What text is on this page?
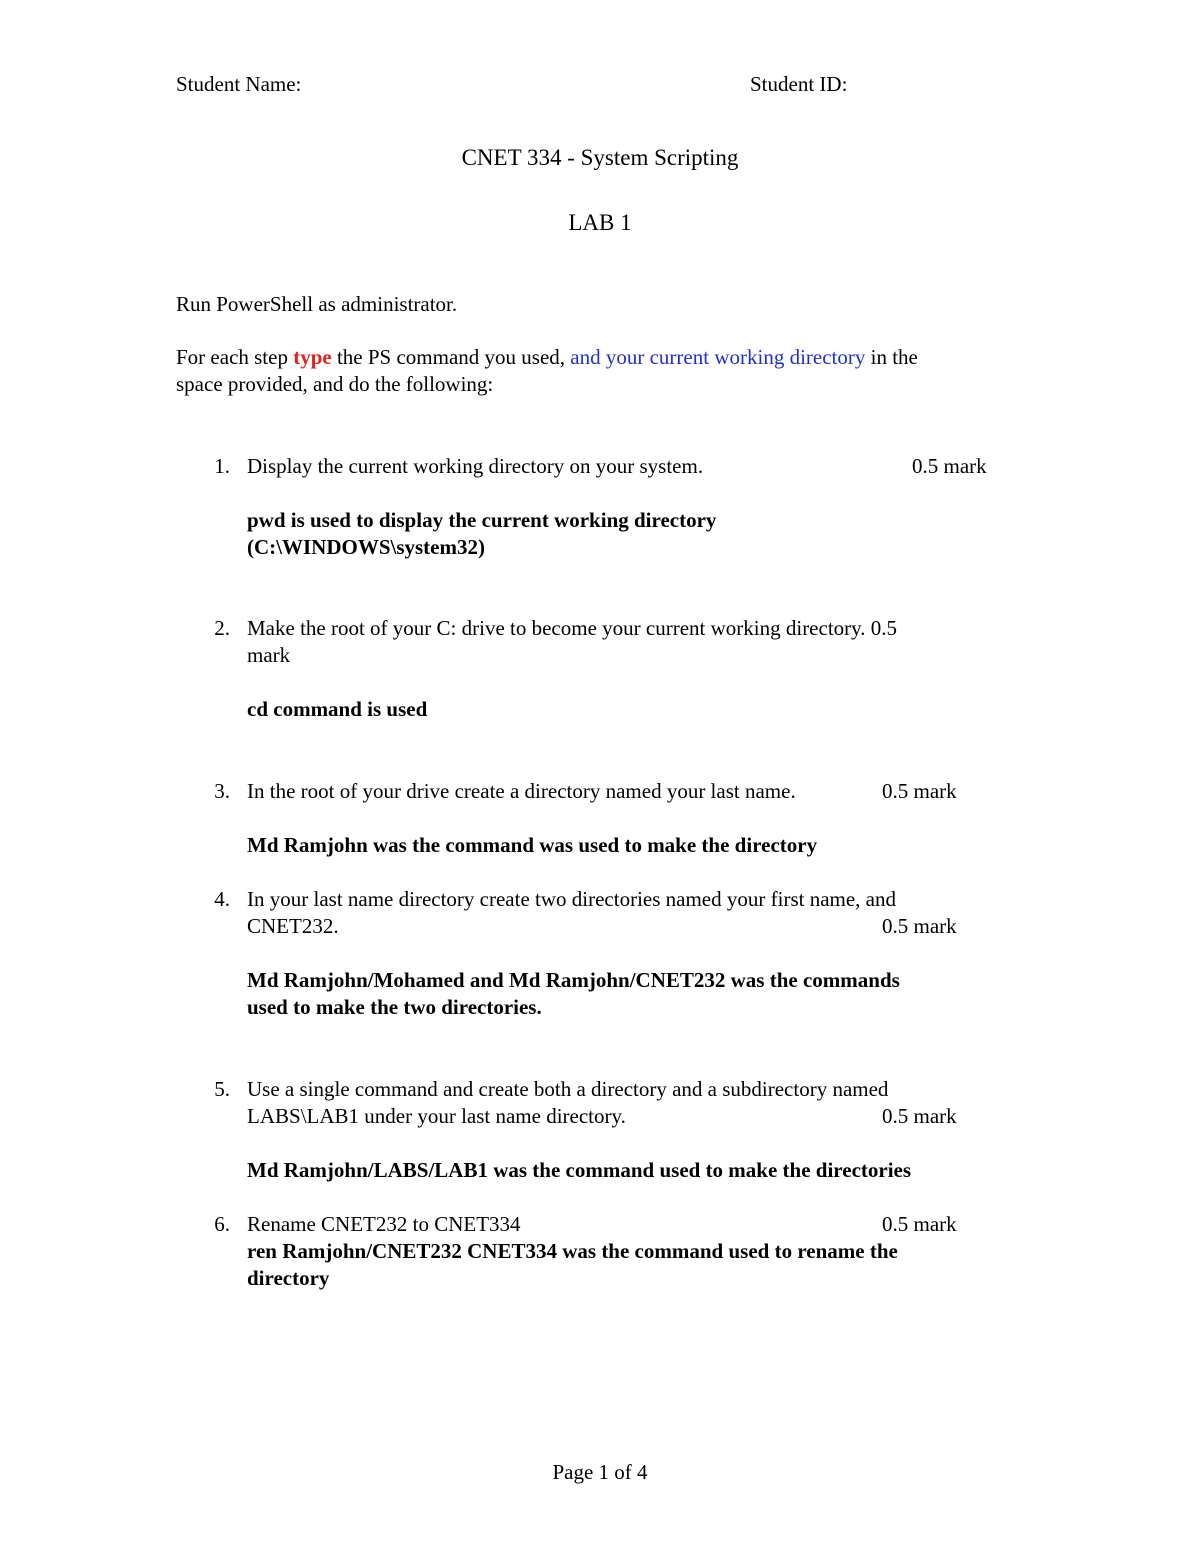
Student Name:	Student ID:
CNET 334 - System Scripting
LAB 1
Run PowerShell as administrator.
For each step type the PS command you used, and your current working directory in the
space provided, and do the following:
1. Display the current working directory on your system.	0.5 mark
pwd is used to display the current working directory
(C:\WINDOWS\system32)
2. Make the root of your C: drive to become your current working directory. 0.5
mark
cd command is used
3. In the root of your drive create a directory named your last name.	0.5 mark
Md Ramjohn was the command was used to make the directory
4. In your last name directory create two directories named your first name, and
CNET232.	0.5 mark
Md Ramjohn/Mohamed and Md Ramjohn/CNET232 was the commands
used to make the two directories.
5. Use a single command and create both a directory and a subdirectory named
LABS\LAB1 under your last name directory.	0.5 mark
Md Ramjohn/LABS/LAB1 was the command used to make the directories
6. Rename CNET232 to CNET334	0.5 mark
ren Ramjohn/CNET232 CNET334 was the command used to rename the
directory
Page 1 of 4
